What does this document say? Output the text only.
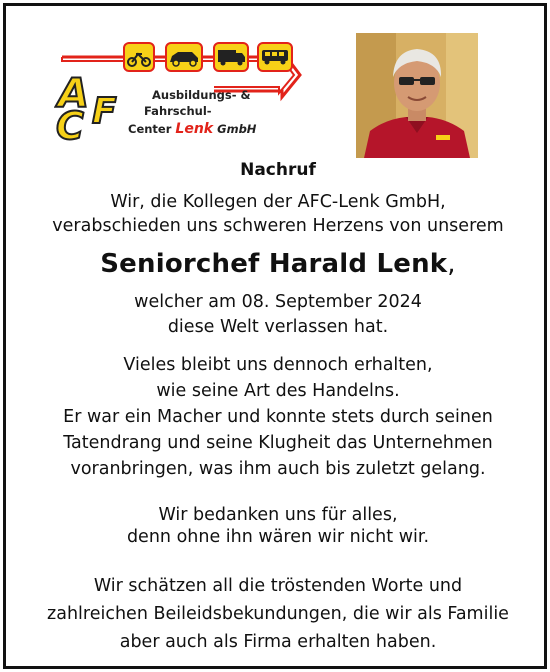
A F
C
Ausbildungs- &
Fahrschul-
Center Lenk GmbH
Nachruf
Wir, die Kollegen der AFC-Lenk GmbH,
verabschieden uns schweren Herzens von unserem
Seniorchef Harald Lenk,
welcher am 08. September 2024
diese Welt verlassen hat.
Vieles bleibt uns dennoch erhalten,
wie seine Art des Handelns.
Er war ein Macher und konnte stets durch seinen
Tatendrang und seine Klugheit das Unternehmen
voranbringen, was ihm auch bis zuletzt gelang.
Wir bedanken uns für alles,
denn ohne ihn wären wir nicht wir.
Wir schätzen all die tröstenden Worte und
zahlreichen Beileidsbekundungen, die wir als Familie
aber auch als Firma erhalten haben.
